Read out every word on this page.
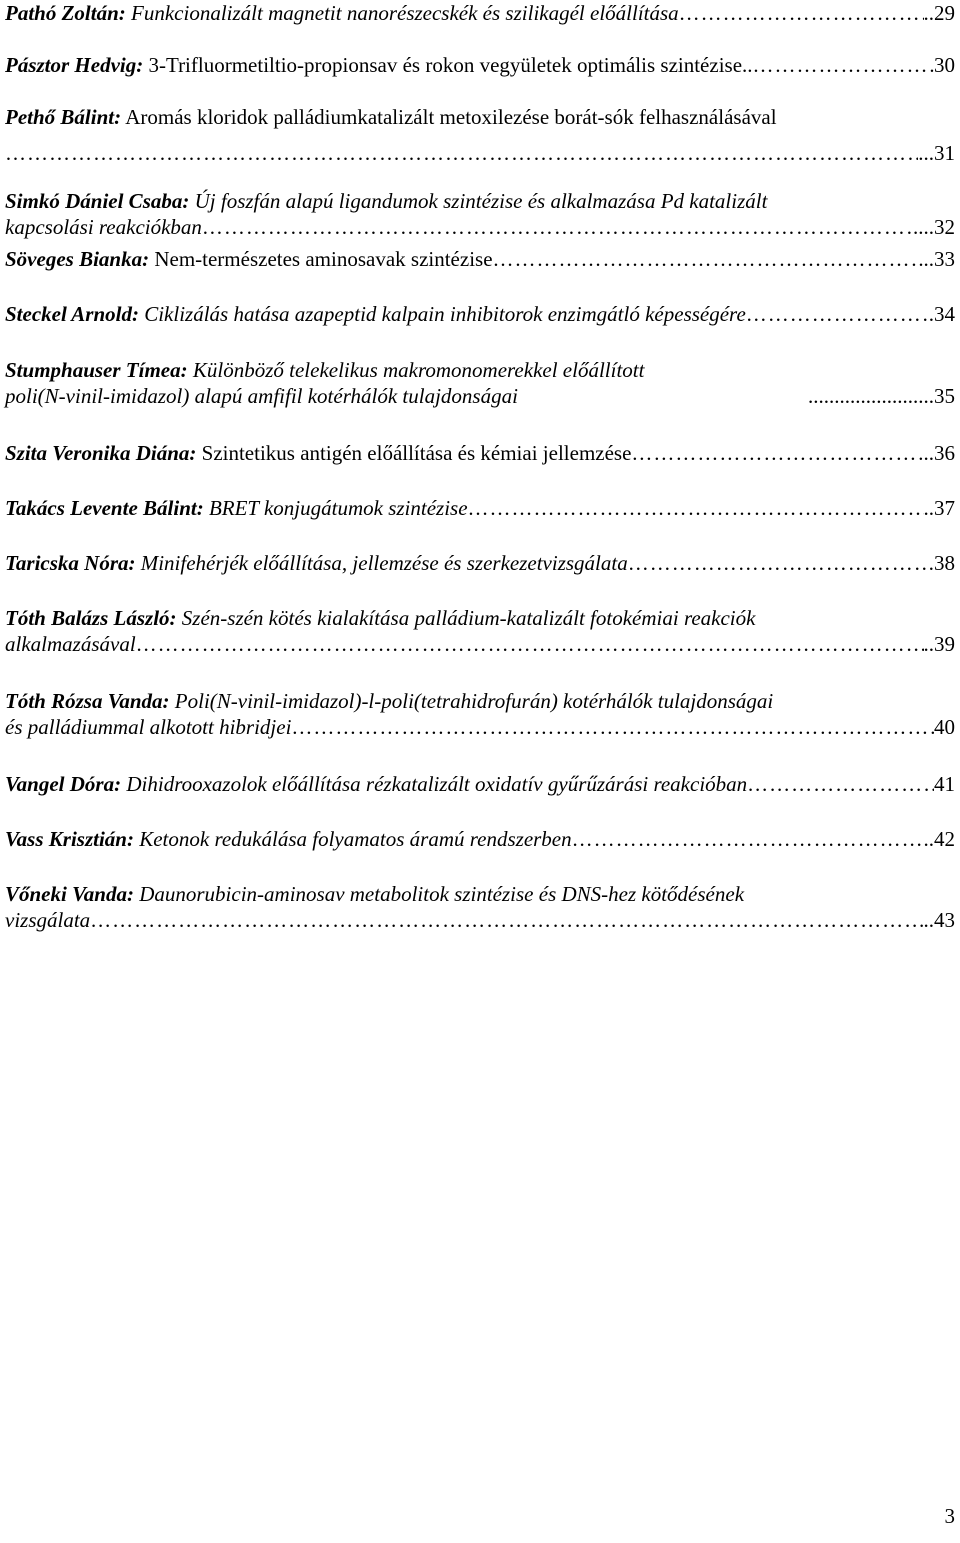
Pathó Zoltán: Funkcionalizált magnetit nanorészecskék és szilikagél előállítása ………………………………………………………………………………………………………………………………………………………………………………………………………………	..29
Pásztor Hedvig: 3-Trifluormetiltio-propionsav és rokon vegyületek optimális szintézise.. ………………………………………………………………………………………………………………………………………………………………………………………………………………	30
Pethő Bálint: Aromás kloridok palládiumkatalizált metoxilezése borát-sók felhasználásával
………………………………………………………………………………………………………………………………………………………………………………………………………………
...31
Simkó Dániel Csaba: Új foszfán alapú ligandumok szintézise és alkalmazása Pd katalizált
kapcsolási reakciókban ………………………………………………………………………………………………………………………………………………………………………………………………………………	....32
Söveges Bianka: Nem-természetes aminosavak szintézise ………………………………………………………………………………………………………………………………………………………………………………………………………………	..33
Steckel Arnold: Ciklizálás hatása azapeptid kalpain inhibitorok enzimgátló képességére ………………………………………………………………………………………………………………………………………………………………………………………………………………	.34
Stumphauser Tímea: Különböző telekelikus makromonomerekkel előállított
poli(N-vinil-imidazol) alapú amfifil kotérhálók tulajdonságai	........................35
Szita Veronika Diána: Szintetikus antigén előállítása és kémiai jellemzése ………………………………………………………………………………………………………………………………………………………………………………………………………………	..36
Takács Levente Bálint: BRET konjugátumok szintézise ………………………………………………………………………………………………………………………………………………………………………………………………………………	..37
Taricska Nóra: Minifehérjék előállítása, jellemzése és szerkezetvizsgálata ………………………………………………………………………………………………………………………………………………………………………………………………………………	38
Tóth Balázs László: Szén-szén kötés kialakítása palládium-katalizált fotokémiai reakciók
alkalmazásával ………………………………………………………………………………………………………………………………………………………………………………………………………………	..39
Tóth Rózsa Vanda: Poli(N-vinil-imidazol)-l-poli(tetrahidrofurán) kotérhálók tulajdonságai
és palládiummal alkotott hibridjei ………………………………………………………………………………………………………………………………………………………………………………………………………………	40
Vangel Dóra: Dihidrooxazolok előállítása rézkatalizált oxidatív gyűrűzárási reakcióban ………………………………………………………………………………………………………………………………………………………………………………………………………………	41
Vass Krisztián: Ketonok redukálása folyamatos áramú rendszerben ………………………………………………………………………………………………………………………………………………………………………………………………………………	..42
Vőneki Vanda: Daunorubicin-aminosav metabolitok szintézise és DNS-hez kötődésének
vizsgálata ………………………………………………………………………………………………………………………………………………………………………………………………………………	..43
3
